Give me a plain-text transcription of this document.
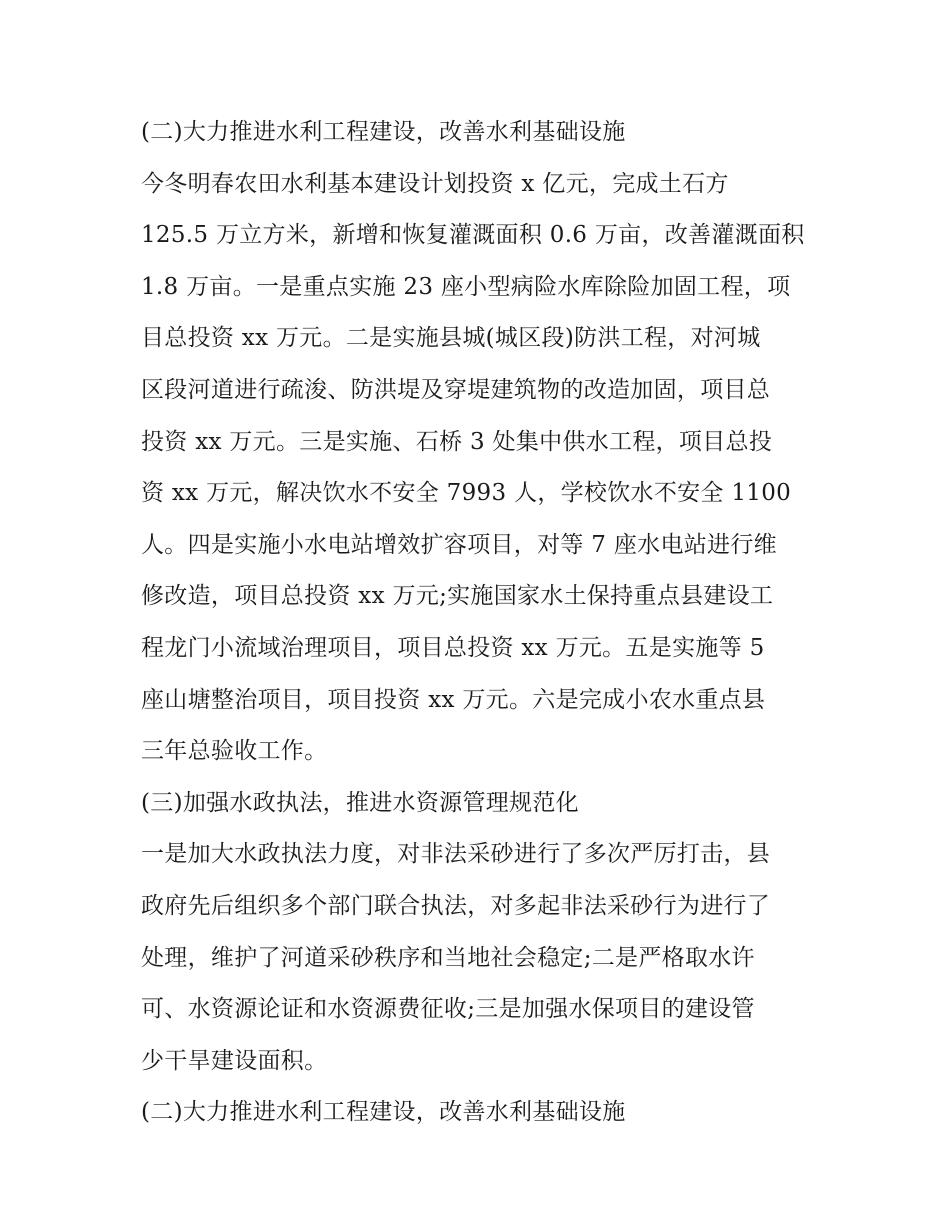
(二)大力推进水利工程建设，改善水利基础设施
今冬明春农田水利基本建设计划投资 x 亿元，完成土石方
125.5 万立方米，新增和恢复灌溉面积 0.6 万亩，改善灌溉面积
1.8 万亩。一是重点实施 23 座小型病险水库除险加固工程，项
目总投资 xx 万元。二是实施县城(城区段)防洪工程，对河城
区段河道进行疏浚、防洪堤及穿堤建筑物的改造加固，项目总
投资 xx 万元。三是实施、石桥 3 处集中供水工程，项目总投
资 xx 万元，解决饮水不安全 7993 人，学校饮水不安全 1100
人。四是实施小水电站增效扩容项目，对等 7 座水电站进行维
修改造，项目总投资 xx 万元;实施国家水土保持重点县建设工
程龙门小流域治理项目，项目总投资 xx 万元。五是实施等 5
座山塘整治项目，项目投资 xx 万元。六是完成小农水重点县
三年总验收工作。
(三)加强水政执法，推进水资源管理规范化
一是加大水政执法力度，对非法采砂进行了多次严厉打击，县
政府先后组织多个部门联合执法，对多起非法采砂行为进行了
处理，维护了河道采砂秩序和当地社会稳定;二是严格取水许
可、水资源论证和水资源费征收;三是加强水保项目的建设管
少干旱建设面积。
(二)大力推进水利工程建设，改善水利基础设施
